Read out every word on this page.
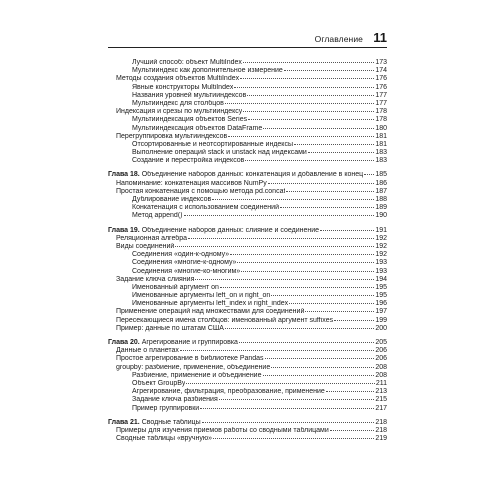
Оглавление 11
Лучший способ: объект MultiIndex	173
Мультииндекс как дополнительное измерение	174
Методы создания объектов MultiIndex	176
Явные конструкторы MultiIndex	176
Названия уровней мультииндексов	177
Мультииндекс для столбцов	177
Индексация и срезы по мультииндексу	178
Мультииндексация объектов Series	178
Мультииндексация объектов DataFrame	180
Перегруппировка мультииндексов	181
Отсортированные и неотсортированные индексы	181
Выполнение операций stack и unstack над индексами	183
Создание и перестройка индексов	183
Глава 18. Объединение наборов данных: конкатенация и добавление в конец 185
Напоминание: конкатенация массивов NumPy	186
Простая конкатенация с помощью метода pd.concat	187
Дублирование индексов	188
Конкатенация с использованием соединений	189
Метод append()	190
Глава 19. Объединение наборов данных: слияние и соединение	191
Реляционная алгебра	192
Виды соединений	192
Соединения «один-к-одному»	192
Соединения «многие-к-одному»	193
Соединения «многие-ко-многим»	193
Задание ключа слияния	194
Именованный аргумент on	195
Именованные аргументы left_on и right_on	195
Именованные аргументы left_index и right_index	196
Применение операций над множествами для соединений	197
Пересекающиеся имена столбцов: именованный аргумент suffixes	199
Пример: данные по штатам США	200
Глава 20. Агрегирование и группировка	205
Данные о планетах	206
Простое агрегирование в библиотеке Pandas	206
groupby: разбиение, применение, объединение	208
Разбиение, применение и объединение	208
Объект GroupBy	211
Агрегирование, фильтрация, преобразование, применение	213
Задание ключа разбиения	215
Пример группировки	217
Глава 21. Сводные таблицы	218
Примеры для изучения приемов работы со сводными таблицами	218
Сводные таблицы «вручную»	219
